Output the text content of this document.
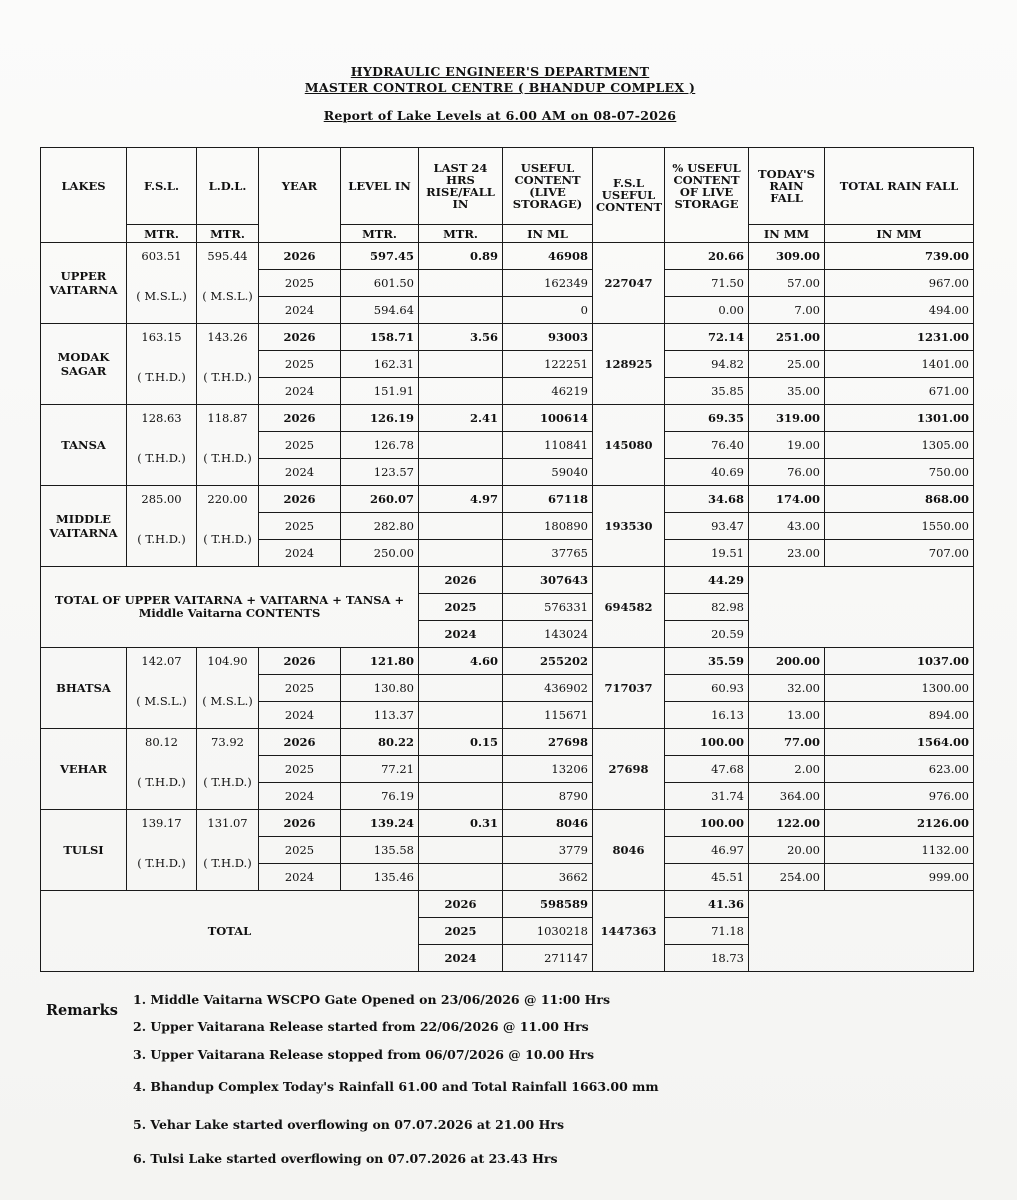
HYDRAULIC ENGINEER'S DEPARTMENT
MASTER CONTROL CENTRE ( BHANDUP COMPLEX )
Report of Lake Levels at 6.00 AM on 08-07-2026
LAKES	F.S.L.	L.D.L.	YEAR	LEVEL IN	LAST 24 HRS RISE/FALL IN	USEFUL CONTENT (LIVE STORAGE)	F.S.L USEFUL CONTENT	% USEFUL CONTENT OF LIVE STORAGE	TODAY'S RAIN FALL	TOTAL RAIN FALL
	MTR.	MTR.		MTR.	MTR.	IN ML			IN MM	IN MM
UPPER VAITARNA	603.51	595.44	2026	597.45	0.89	46908	227047	20.66	309.00	739.00
	( M.S.L.)	( M.S.L.)	2025	601.50		162349		71.50	57.00	967.00
			2024	594.64		0		0.00	7.00	494.00
MODAK SAGAR	163.15	143.26	2026	158.71	3.56	93003	128925	72.14	251.00	1231.00
	( T.H.D.)	( T.H.D.)	2025	162.31		122251		94.82	25.00	1401.00
			2024	151.91		46219		35.85	35.00	671.00
TANSA	128.63	118.87	2026	126.19	2.41	100614	145080	69.35	319.00	1301.00
	( T.H.D.)	( T.H.D.)	2025	126.78		110841		76.40	19.00	1305.00
			2024	123.57		59040		40.69	76.00	750.00
MIDDLE VAITARNA	285.00	220.00	2026	260.07	4.97	67118	193530	34.68	174.00	868.00
	( T.H.D.)	( T.H.D.)	2025	282.80		180890		93.47	43.00	1550.00
			2024	250.00		37765		19.51	23.00	707.00
TOTAL OF UPPER VAITARNA + VAITARNA + TANSA + Middle Vaitarna CONTENTS					2026	307643	694582	44.29		
					2025	576331		82.98		
					2024	143024		20.59		
BHATSA	142.07	104.90	2026	121.80	4.60	255202	717037	35.59	200.00	1037.00
	( M.S.L.)	( M.S.L.)	2025	130.80		436902		60.93	32.00	1300.00
			2024	113.37		115671		16.13	13.00	894.00
VEHAR	80.12	73.92	2026	80.22	0.15	27698	27698	100.00	77.00	1564.00
	( T.H.D.)	( T.H.D.)	2025	77.21		13206		47.68	2.00	623.00
			2024	76.19		8790		31.74	364.00	976.00
TULSI	139.17	131.07	2026	139.24	0.31	8046	8046	100.00	122.00	2126.00
	( T.H.D.)	( T.H.D.)	2025	135.58		3779		46.97	20.00	1132.00
			2024	135.46		3662		45.51	254.00	999.00
TOTAL					2026	598589	1447363	41.36		
					2025	1030218		71.18		
					2024	271147		18.73		
Remarks
1. Middle Vaitarna WSCPO Gate Opened on 23/06/2026 @ 11:00 Hrs
2. Upper Vaitarana Release started from 22/06/2026 @ 11.00 Hrs
3. Upper Vaitarana Release stopped from 06/07/2026 @ 10.00 Hrs
4. Bhandup Complex Today's Rainfall 61.00 and Total Rainfall 1663.00 mm
5. Vehar Lake started overflowing on 07.07.2026 at 21.00 Hrs
6. Tulsi Lake started overflowing on 07.07.2026 at 23.43 Hrs
